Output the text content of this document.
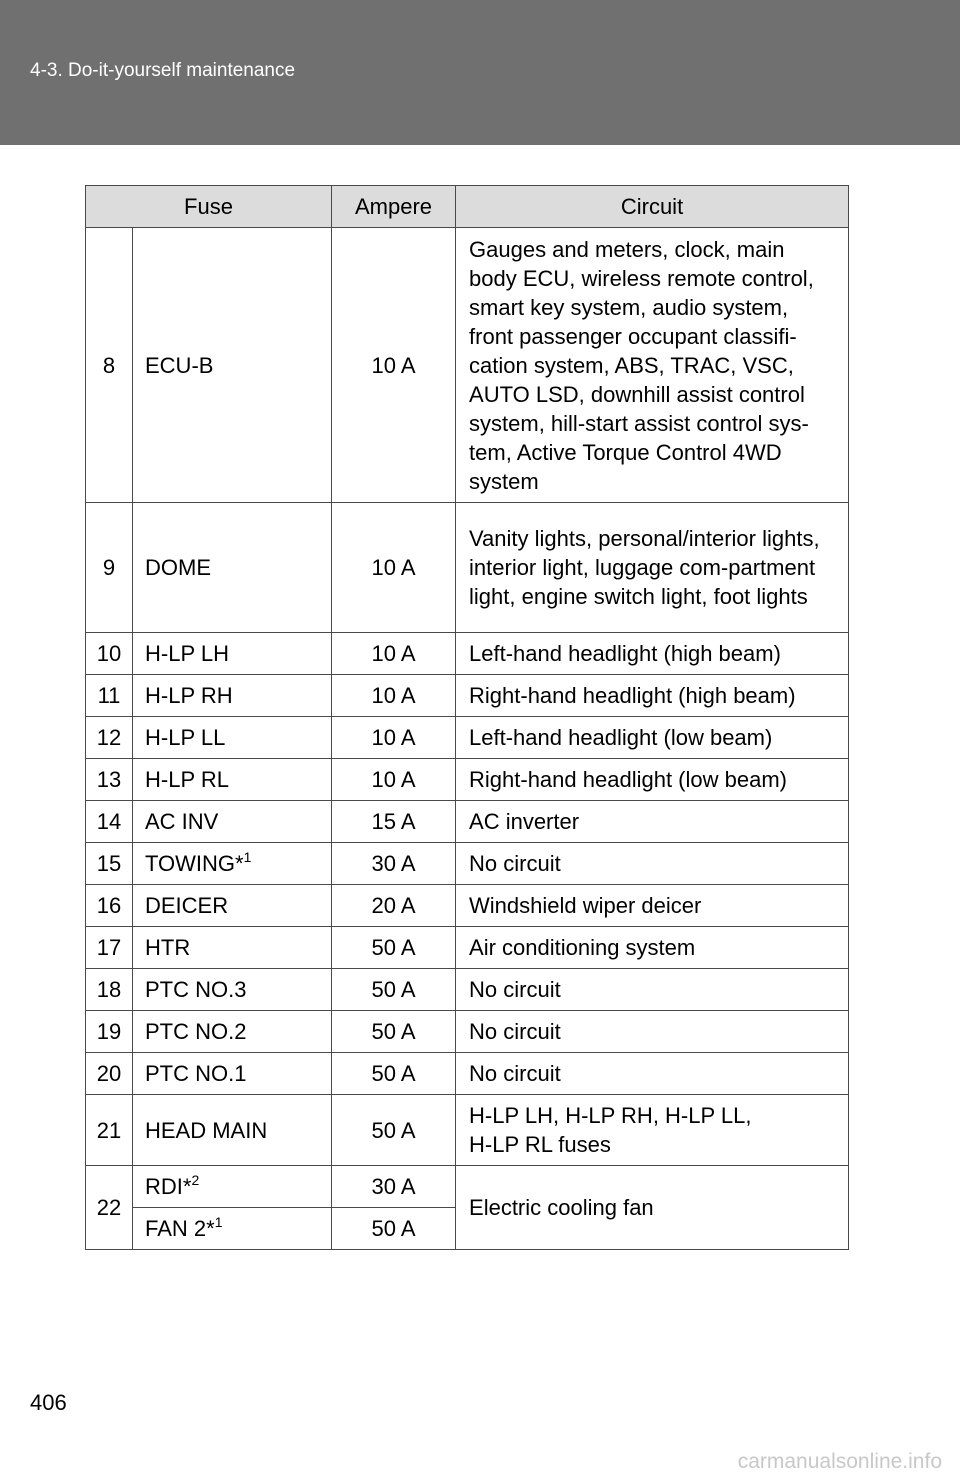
4-3. Do-it-yourself maintenance
Fuse		Ampere	Circuit
8	ECU-B	10 A	Gauges and meters, clock, main body ECU, wireless remote control, smart key system, audio system, front passenger occupant classifi-cation system, ABS, TRAC, VSC, AUTO LSD, downhill assist control system, hill-start assist control sys-tem, Active Torque Control 4WD system
9	DOME	10 A	Vanity lights, personal/interior lights, interior light, luggage com-partment light, engine switch light, foot lights
10	H-LP LH	10 A	Left-hand headlight (high beam)
11	H-LP RH	10 A	Right-hand headlight (high beam)
12	H-LP LL	10 A	Left-hand headlight (low beam)
13	H-LP RL	10 A	Right-hand headlight (low beam)
14	AC INV	15 A	AC inverter
15	TOWING*$^1$	30 A	No circuit
16	DEICER	20 A	Windshield wiper deicer
17	HTR	50 A	Air conditioning system
18	PTC NO.3	50 A	No circuit
19	PTC NO.2	50 A	No circuit
20	PTC NO.1	50 A	No circuit
21	HEAD MAIN	50 A	H-LP LH, H-LP RH, H-LP LL,
H-LP RL fuses

22	RDI*$^2$	30 A	Electric cooling fan
	FAN 2*$^1$	50 A	
406
carmanualsonline.info
